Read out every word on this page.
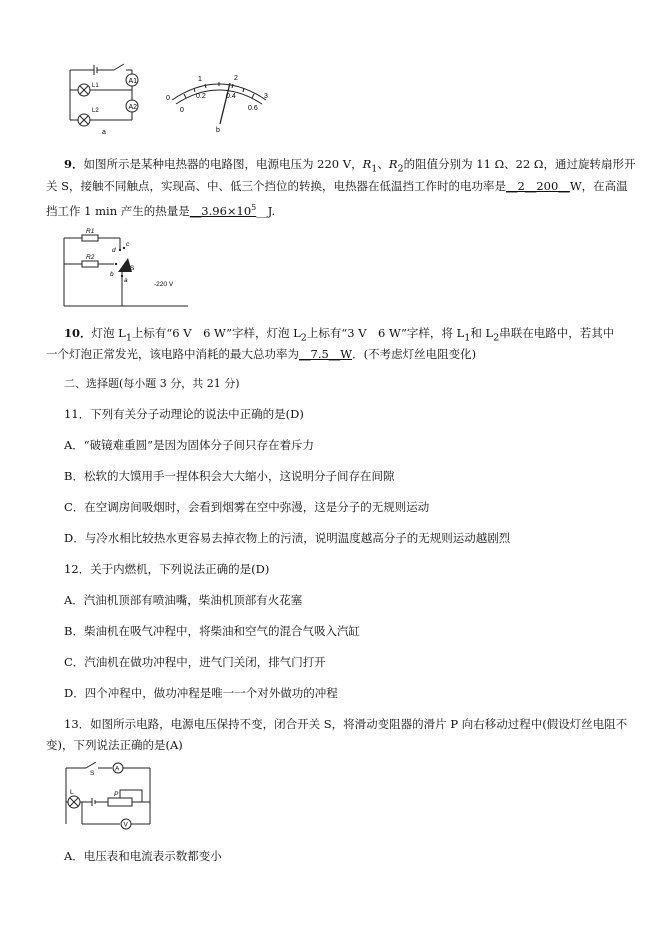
A1
A2
L1
L2
a
0
1	2
3
0
0.2	0.4
0.6
b
9．如图所示是某种电热器的电路图，电源电压为 220 V，$R_1$、$R_2$的阻值分别为 11 Ω、22 Ω，通过旋转扇形开
关 S，接触不同触点，实现高、中、低三个挡位的转换，电热器在低温挡工作时的电功率是__2__200__W，在高温
挡工作 1 min 产生的热量是$\_\_3.96\times 10^5\_\_J$.
R1
R2
d
c
b
a
S
-220 V
10．灯泡 $L_1$上标有“6 V　6 W”字样，灯泡 $L_2$上标有“3 V　6 W”字样，将 $L_1$和 $L_2$串联在电路中，若其中
一个灯泡正常发光，该电路中消耗的最大总功率为__7.5__W．(不考虑灯丝电阻变化)
二、选择题(每小题 3 分，共 21 分)
11．下列有关分子动理论的说法中正确的是(D)
A．“破镜难重圆”是因为固体分子间只存在着斥力
B．松软的大馍用手一捏体积会大大缩小，这说明分子间存在间隙
C．在空调房间吸烟时，会看到烟雾在空中弥漫，这是分子的无规则运动
D．与冷水相比较热水更容易去掉衣物上的污渍，说明温度越高分子的无规则运动越剧烈
12．关于内燃机，下列说法正确的是(D)
A．汽油机顶部有喷油嘴，柴油机顶部有火花塞
B．柴油机在吸气冲程中，将柴油和空气的混合气吸入汽缸
C．汽油机在做功冲程中，进气门关闭，排气门打开
D．四个冲程中，做功冲程是唯一一个对外做功的冲程
13．如图所示电路，电源电压保持不变，闭合开关 S，将滑动变阻器的滑片 P 向右移动过程中(假设灯丝电阻不
变)，下列说法正确的是(A)
S
A
L	P
V
A．电压表和电流表示数都变小
